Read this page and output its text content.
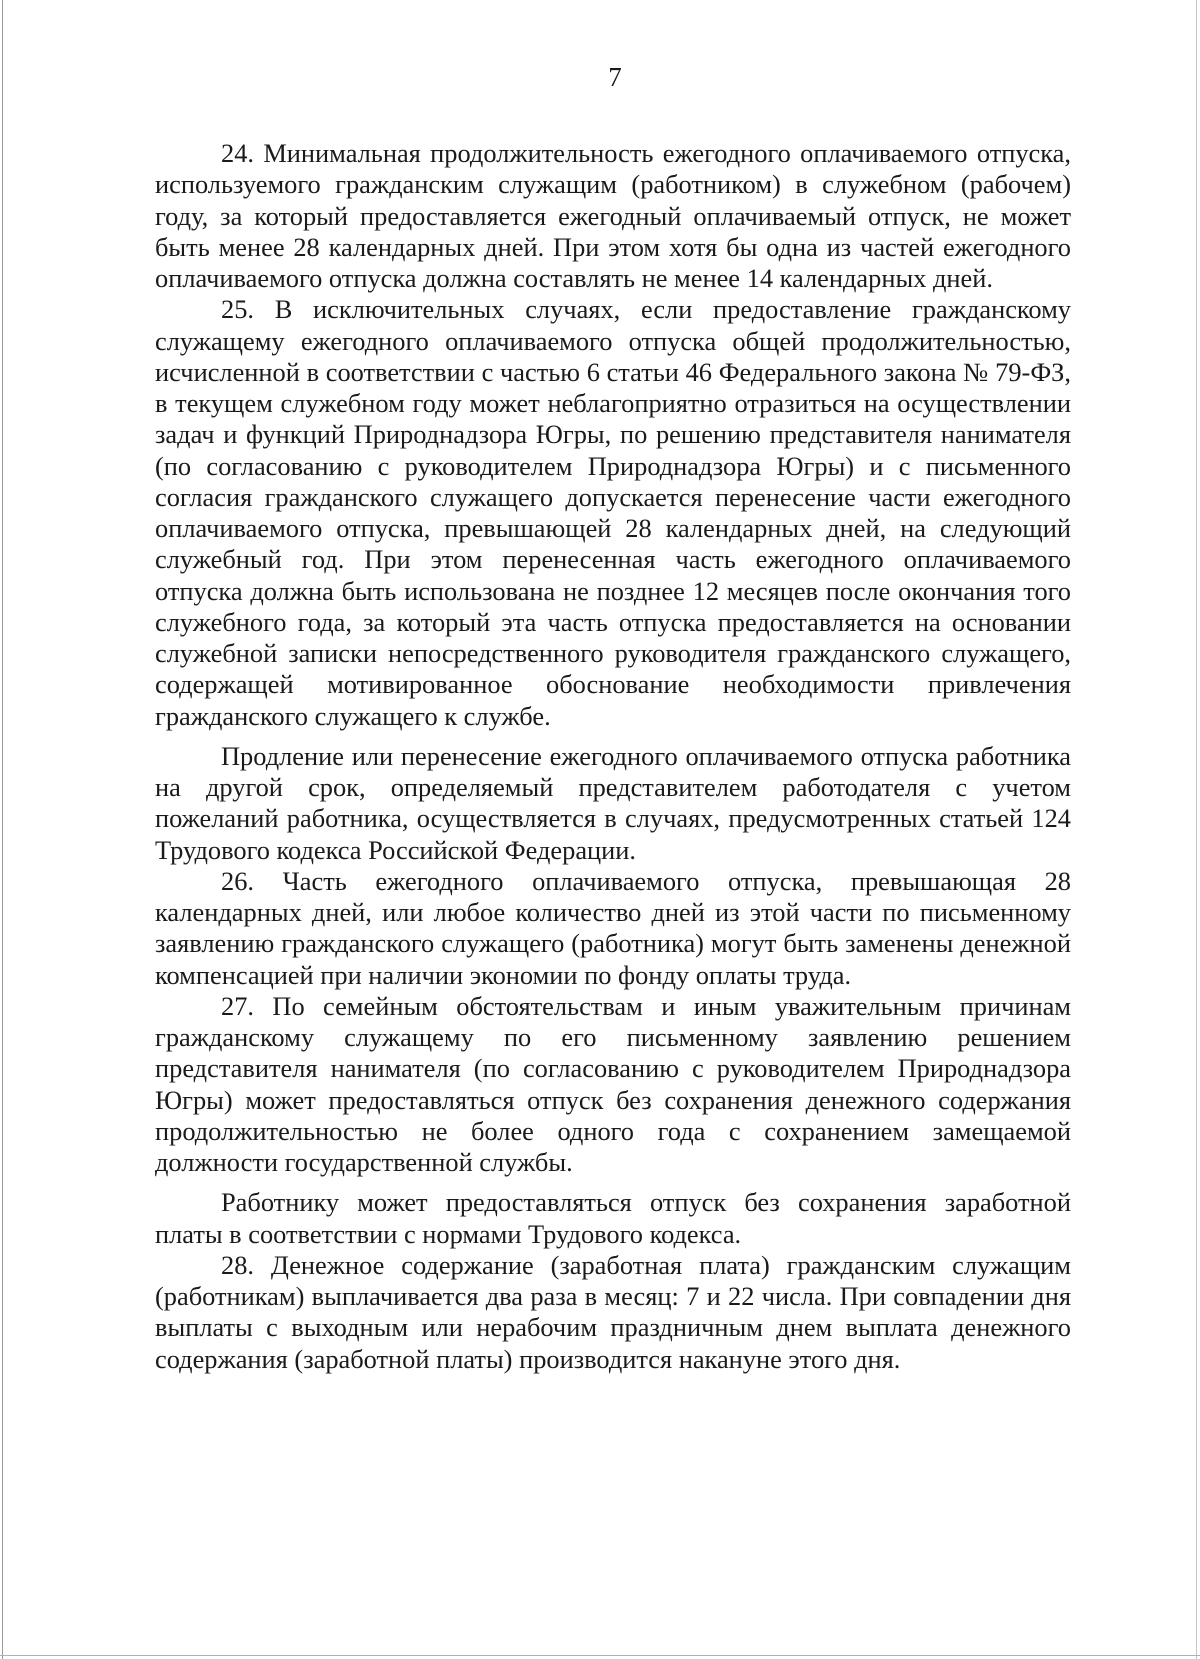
7

24. Минимальная продолжительность ежегодного оплачиваемого отпуска, используемого гражданским служащим (работником) в служебном (рабочем) году, за который предоставляется ежегодный оплачиваемый отпуск, не может быть менее 28 календарных дней. При этом хотя бы одна из частей ежегодного оплачиваемого отпуска должна составлять не менее 14 календарных дней.

25. В исключительных случаях, если предоставление гражданскому служащему ежегодного оплачиваемого отпуска общей продолжительностью, исчисленной в соответствии с частью 6 статьи 46 Федерального закона № 79-ФЗ, в текущем служебном году может неблагоприятно отразиться на осуществлении задач и функций Природнадзора Югры, по решению представителя нанимателя (по согласованию с руководителем Природнадзора Югры) и с письменного согласия гражданского служащего допускается перенесение части ежегодного оплачиваемого отпуска, превышающей 28 календарных дней, на следующий служебный год. При этом перенесенная часть ежегодного оплачиваемого отпуска должна быть использована не позднее 12 месяцев после окончания того служебного года, за который эта часть отпуска предоставляется на основании служебной записки непосредственного руководителя гражданского служащего, содержащей мотивированное обоснование необходимости привлечения гражданского служащего к службе.

Продление или перенесение ежегодного оплачиваемого отпуска работника на другой срок, определяемый представителем работодателя с учетом пожеланий работника, осуществляется в случаях, предусмотренных статьей 124 Трудового кодекса Российской Федерации.

26. Часть ежегодного оплачиваемого отпуска, превышающая 28 календарных дней, или любое количество дней из этой части по письменному заявлению гражданского служащего (работника) могут быть заменены денежной компенсацией при наличии экономии по фонду оплаты труда.

27. По семейным обстоятельствам и иным уважительным причинам гражданскому служащему по его письменному заявлению решением представителя нанимателя (по согласованию с руководителем Природнадзора Югры) может предоставляться отпуск без сохранения денежного содержания продолжительностью не более одного года с сохранением замещаемой должности государственной службы.

Работнику может предоставляться отпуск без сохранения заработной платы в соответствии с нормами Трудового кодекса.

28. Денежное содержание (заработная плата) гражданским служащим (работникам) выплачивается два раза в месяц: 7 и 22 числа. При совпадении дня выплаты с выходным или нерабочим праздничным днем выплата денежного содержания (заработной платы) производится накануне этого дня.
